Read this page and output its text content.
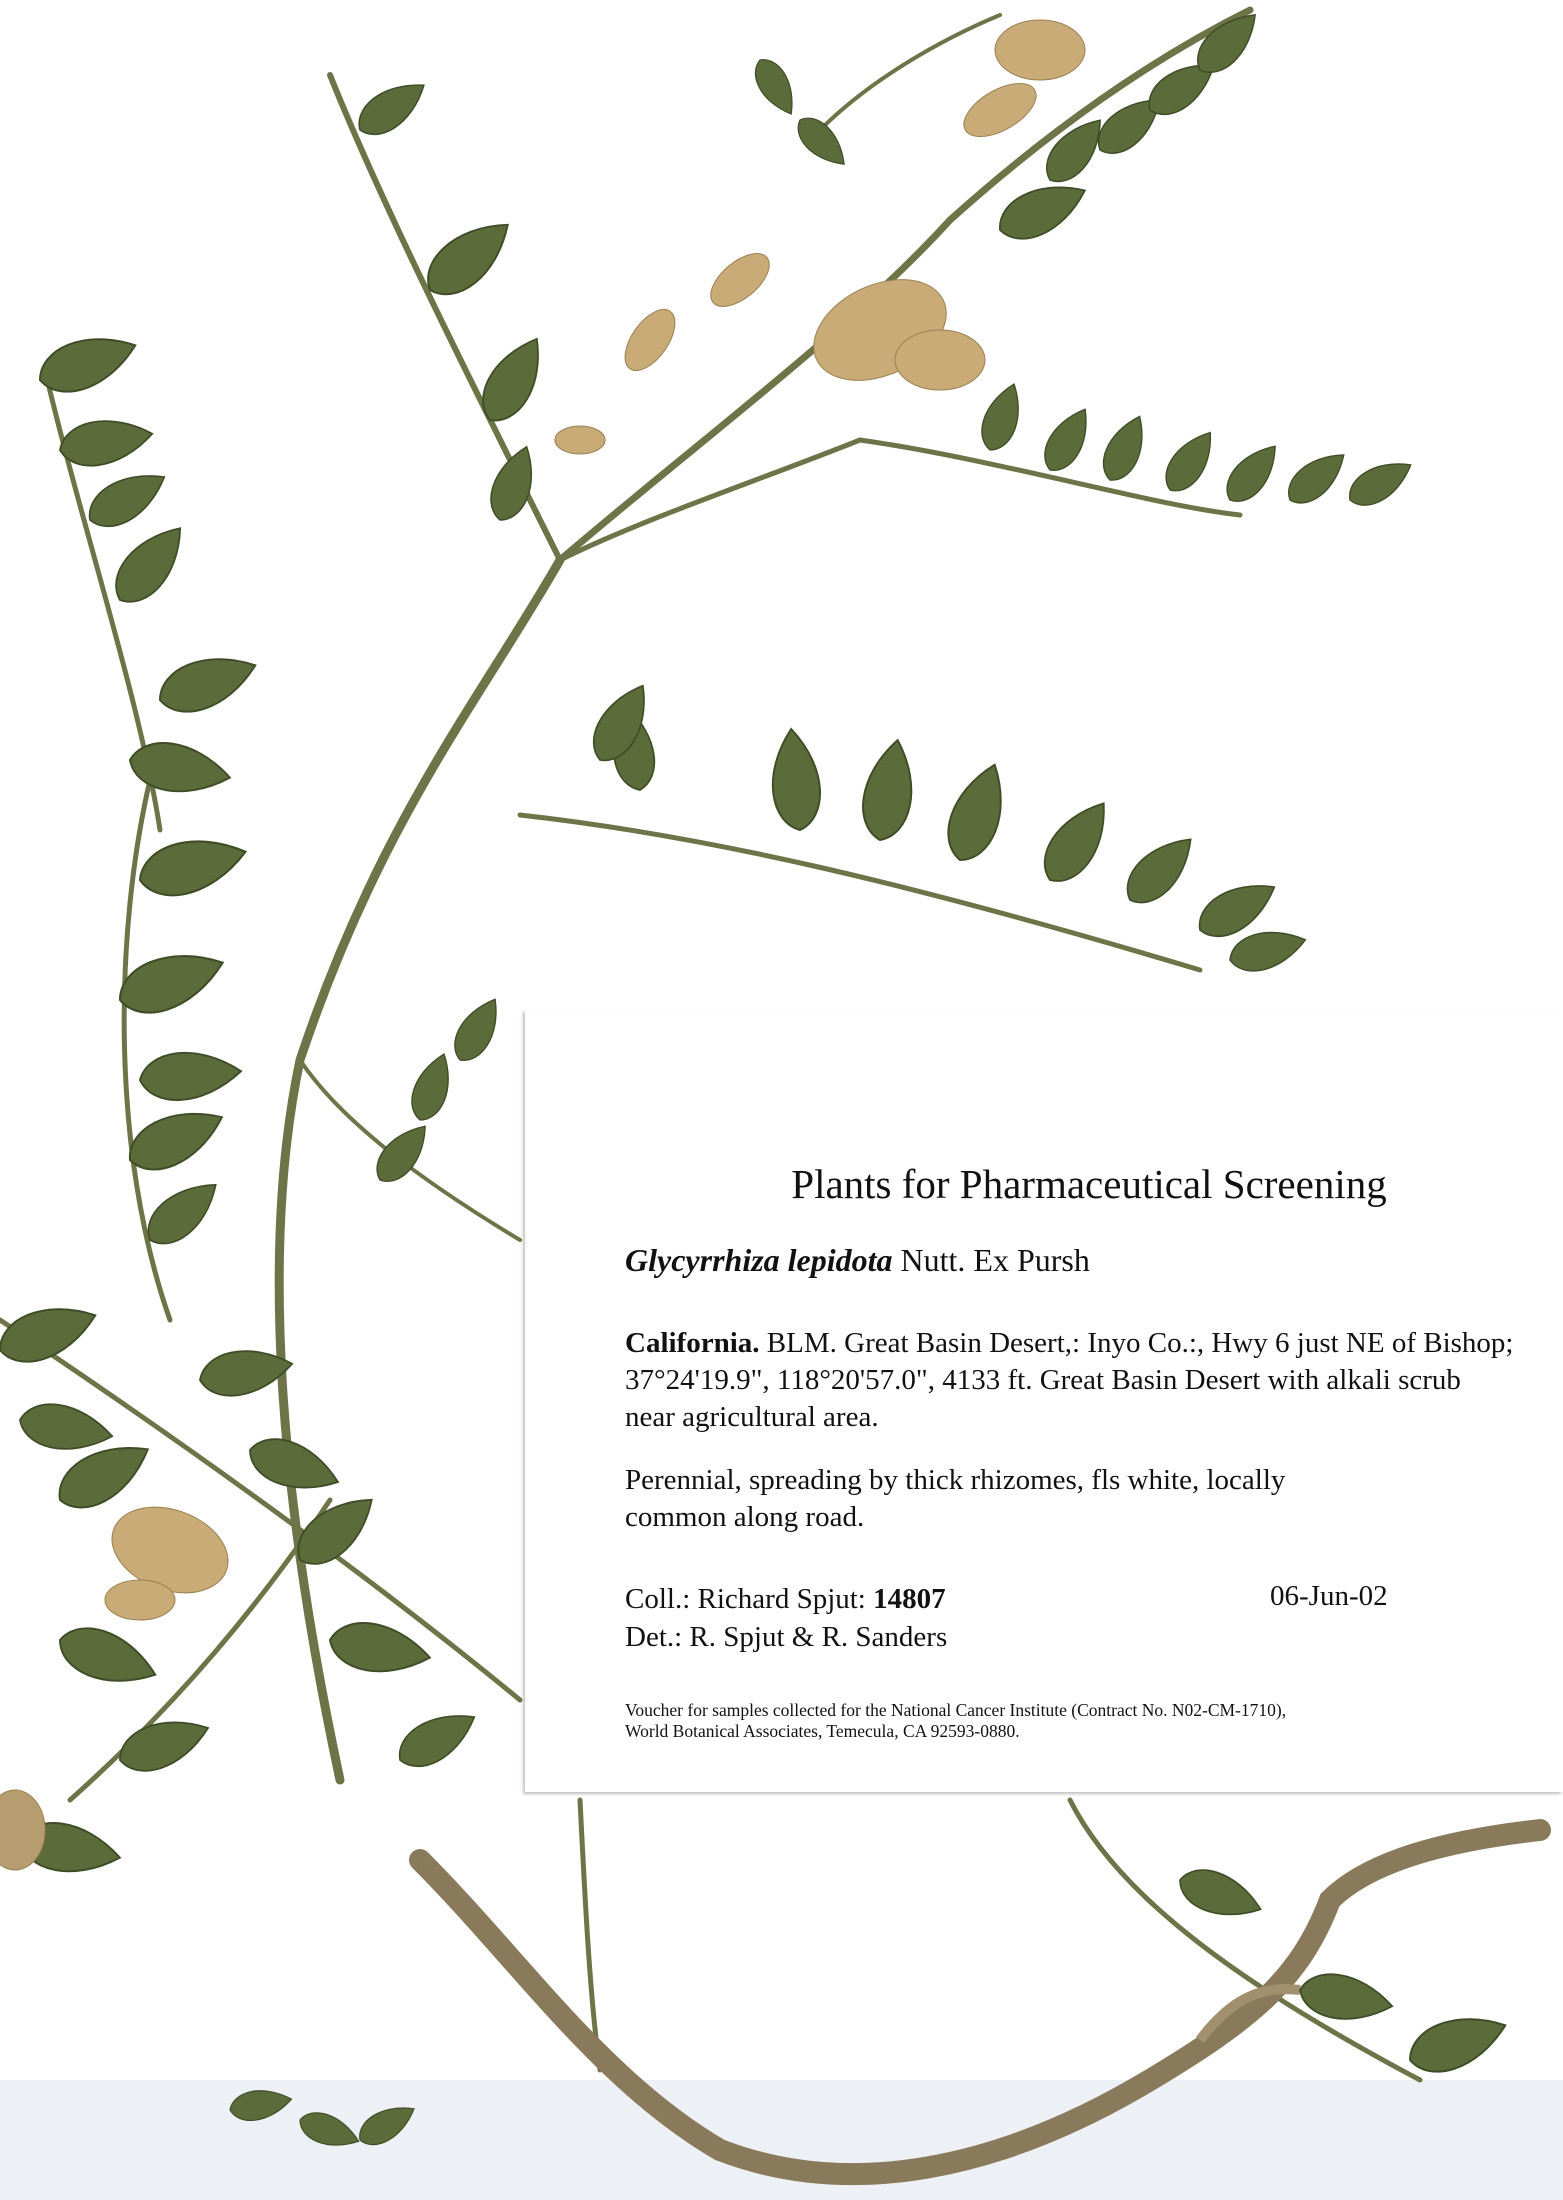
Plants for Pharmaceutical Screening
Glycyrrhiza lepidota Nutt. Ex Pursh
California. BLM. Great Basin Desert,: Inyo Co.:, Hwy 6 just NE of Bishop; 37°24'19.9", 118°20'57.0", 4133 ft. Great Basin Desert with alkali scrub near agricultural area.
Perennial, spreading by thick rhizomes, fls white, locally common along road.
Coll.: Richard Spjut: 14807
Det.: R. Spjut & R. Sanders
06-Jun-02
Voucher for samples collected for the National Cancer Institute (Contract No. N02-CM-1710), World Botanical Associates, Temecula, CA 92593-0880.
